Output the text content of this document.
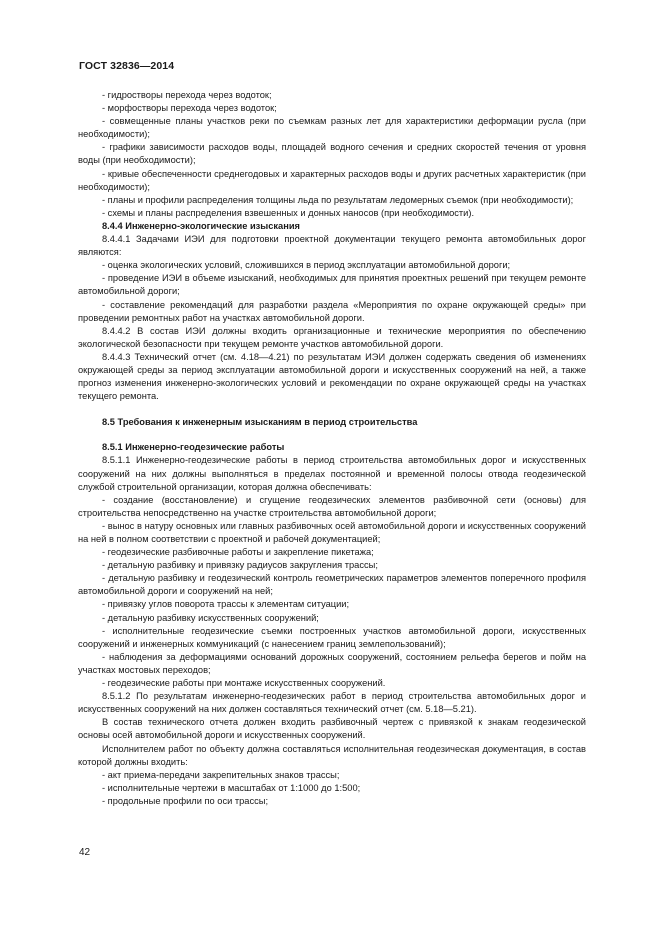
ГОСТ 32836—2014

- гидростворы перехода через водоток;

- морфостворы перехода через водоток;

- совмещенные планы участков реки по съемкам разных лет для характеристики деформации русла (при необходимости);

- графики зависимости расходов воды, площадей водного сечения и средних скоростей течения от уровня воды (при необходимости);

- кривые обеспеченности среднегодовых и характерных расходов воды и других расчетных характеристик (при необходимости);

- планы и профили распределения толщины льда по результатам ледомерных съемок (при необходимости);

- схемы и планы распределения взвешенных и донных наносов (при необходимости).

8.4.4 Инженерно-экологические изыскания

8.4.4.1 Задачами ИЭИ для подготовки проектной документации текущего ремонта автомобильных дорог являются:

- оценка экологических условий, сложившихся в период эксплуатации автомобильной дороги;

- проведение ИЭИ в объеме изысканий, необходимых для принятия проектных решений при текущем ремонте автомобильной дороги;

- составление рекомендаций для разработки раздела «Мероприятия по охране окружающей среды» при проведении ремонтных работ на участках автомобильной дороги.

8.4.4.2 В состав ИЭИ должны входить организационные и технические мероприятия по обеспечению экологической безопасности при текущем ремонте участков автомобильной дороги.

8.4.4.3 Технический отчет (см. 4.18—4.21) по результатам ИЭИ должен содержать сведения об изменениях окружающей среды за период эксплуатации автомобильной дороги и искусственных сооружений на ней, а также прогноз изменения инженерно-экологических условий и рекомендации по охране окружающей среды на участках текущего ремонта.

8.5 Требования к инженерным изысканиям в период строительства

8.5.1 Инженерно-геодезические работы

8.5.1.1 Инженерно-геодезические работы в период строительства автомобильных дорог и искусственных сооружений на них должны выполняться в пределах постоянной и временной полосы отвода геодезической службой строительной организации, которая должна обеспечивать:

- создание (восстановление) и сгущение геодезических элементов разбивочной сети (основы) для строительства непосредственно на участке строительства автомобильной дороги;

- вынос в натуру основных или главных разбивочных осей автомобильной дороги и искусственных сооружений на ней в полном соответствии с проектной и рабочей документацией;

- геодезические разбивочные работы и закрепление пикетажа;

- детальную разбивку и привязку радиусов закругления трассы;

- детальную разбивку и геодезический контроль геометрических параметров элементов поперечного профиля автомобильной дороги и сооружений на ней;

- привязку углов поворота трассы к элементам ситуации;

- детальную разбивку искусственных сооружений;

- исполнительные геодезические съемки построенных участков автомобильной дороги, искусственных сооружений и инженерных коммуникаций (с нанесением границ землепользований);

- наблюдения за деформациями оснований дорожных сооружений, состоянием рельефа берегов и пойм на участках мостовых переходов;

- геодезические работы при монтаже искусственных сооружений.

8.5.1.2 По результатам инженерно-геодезических работ в период строительства автомобильных дорог и искусственных сооружений на них должен составляться технический отчет (см. 5.18—5.21).

В состав технического отчета должен входить разбивочный чертеж с привязкой к знакам геодезической основы осей автомобильной дороги и искусственных сооружений.

Исполнителем работ по объекту должна составляться исполнительная геодезическая документация, в состав которой должны входить:

- акт приема-передачи закрепительных знаков трассы;

- исполнительные чертежи в масштабах от 1:1000 до 1:500;

- продольные профили по оси трассы;

42
